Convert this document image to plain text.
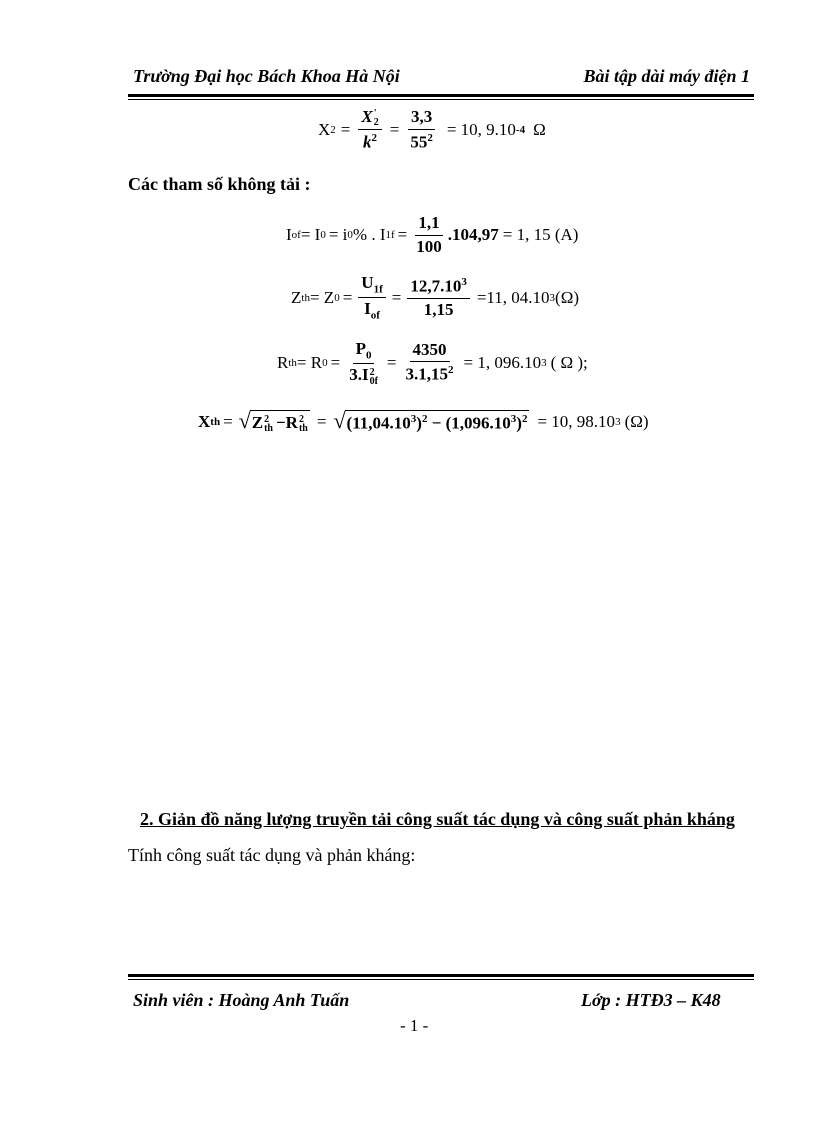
Trường Đại học Bách Khoa Hà Nội	Bài tập dài máy điện 1
X 2 = X '
2
$k^2 = \frac{3,3}{55^2} = 10$, 9.10 -4 Ω
Các tham số không tải :
I of = I 0 = i 0 % . I $1f = \frac{1,1}{100} .104,97 = 1$, 15 (A)
Z th = Z $0 = \frac{U_{1f}}{I_{of}} = \frac{12,7.10^3}{1,15} =11$, 04.10 3 (Ω)
R th = R $0 = P_0$
3.I 2
$0f = \frac{4350}{3.1,15^2} = 1$, 096.10 3 ( Ω );
X th = √ Z 2
th −R 2
th = √ $(11,04.10^3)^2 - (1,096.10^3)^2 = 10$, 98.10 3 (Ω)
2. Giản đồ năng lượng truyền tải công suất tác dụng và công suất phản kháng
Tính công suất tác dụng và phản kháng:
Sinh viên : Hoàng Anh Tuấn	Lớp : HTĐ3 – K48
- 1 -
